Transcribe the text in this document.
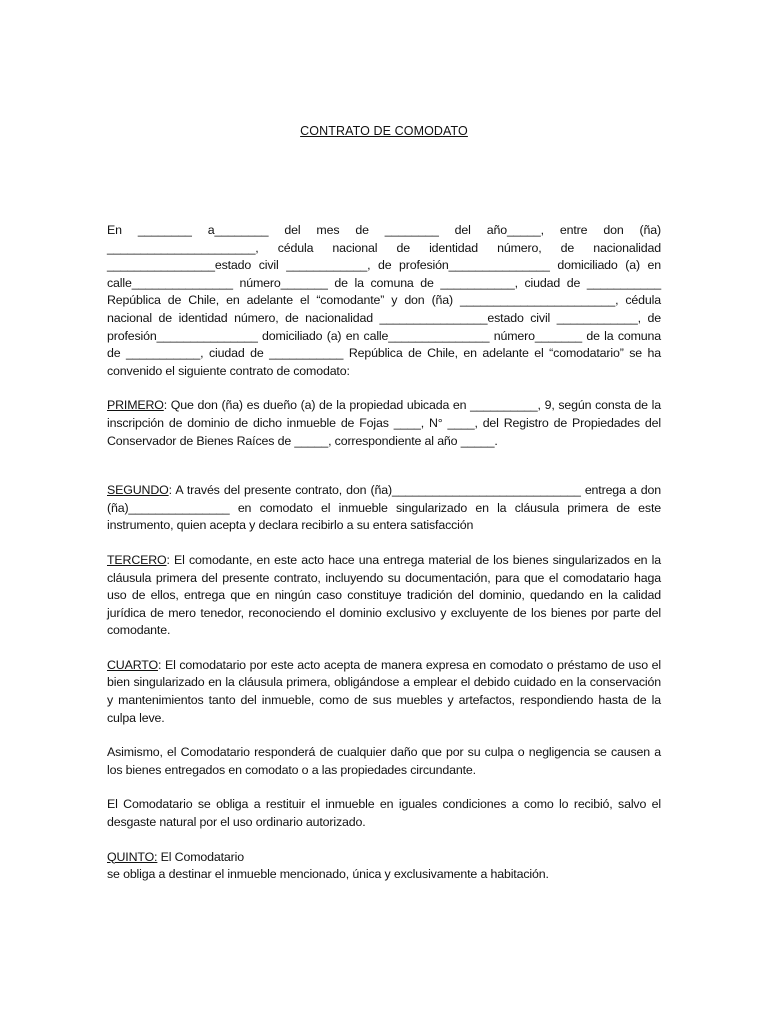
CONTRATO DE COMODATO

En ________ a________ del mes de ________ del año_____, entre don (ña) ______________________, cédula nacional de identidad número, de nacionalidad ________________estado civil ____________, de profesión_______________ domiciliado (a) en calle_______________ número_______ de la comuna de ___________, ciudad de ___________ República de Chile, en adelante el “comodante” y don (ña) _______________________, cédula nacional de identidad número, de nacionalidad ________________estado civil ____________, de profesión_______________ domiciliado (a) en calle_______________ número_______ de la comuna de ___________, ciudad de ___________ República de Chile, en adelante el “comodatario” se ha convenido el siguiente contrato de comodato:

PRIMERO: Que don (ña) es dueño (a) de la propiedad ubicada en __________, 9, según consta de la inscripción de dominio de dicho inmueble de Fojas ____, N° ____, del Registro de Propiedades del Conservador de Bienes Raíces de _____, correspondiente al año _____.

SEGUNDO: A través del presente contrato, don (ña)____________________________ entrega a don (ña)_______________ en comodato el inmueble singularizado en la cláusula primera de este instrumento, quien acepta y declara recibirlo a su entera satisfacción

TERCERO: El comodante, en este acto hace una entrega material de los bienes singularizados en la cláusula primera del presente contrato, incluyendo su documentación, para que el comodatario haga uso de ellos, entrega que en ningún caso constituye tradición del dominio, quedando en la calidad jurídica de mero tenedor, reconociendo el dominio exclusivo y excluyente de los bienes por parte del comodante.

CUARTO: El comodatario por este acto acepta de manera expresa en comodato o préstamo de uso el bien singularizado en la cláusula primera, obligándose a emplear el debido cuidado en la conservación y mantenimientos tanto del inmueble, como de sus muebles y artefactos, respondiendo hasta de la culpa leve.

Asimismo, el Comodatario responderá de cualquier daño que por su culpa o negligencia se causen a los bienes entregados en comodato o a las propiedades circundante.

El Comodatario se obliga a restituir el inmueble en iguales condiciones a como lo recibió, salvo el desgaste natural por el uso ordinario autorizado.

QUINTO: El Comodatario
se obliga a destinar el inmueble mencionado, única y exclusivamente a habitación.
